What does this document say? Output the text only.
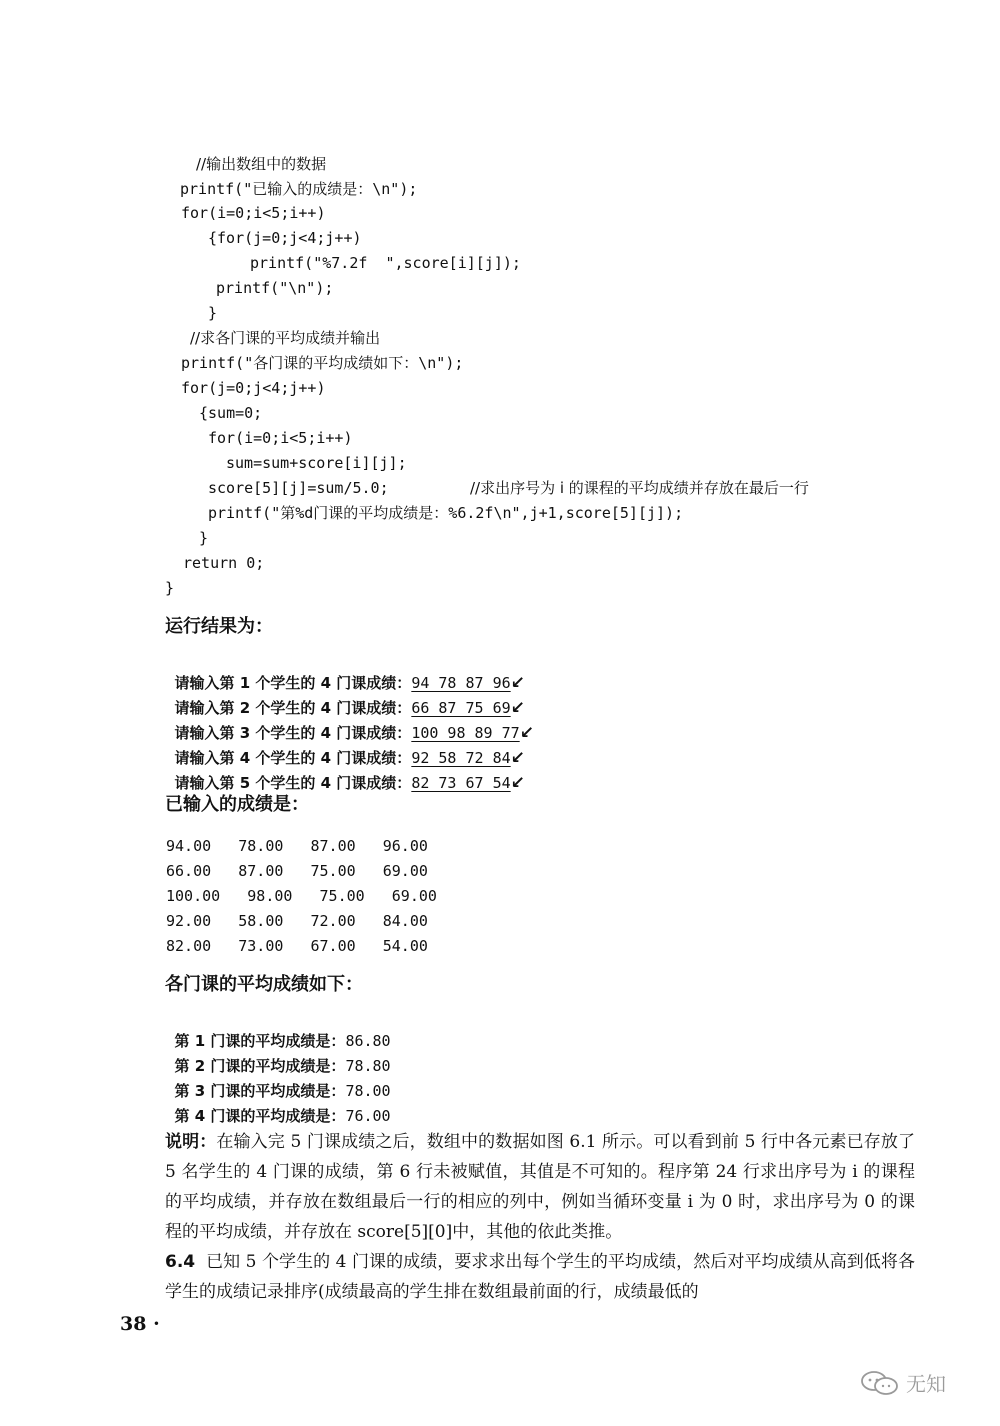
//输出数组中的数据
printf("已输入的成绩是：\n");
for(i=0;i<5;i++)
{for(j=0;j<4;j++)
printf("%7.2f  ",score[i][j]);
printf("\n");
}
//求各门课的平均成绩并输出
printf("各门课的平均成绩如下：\n");
for(j=0;j<4;j++)
{sum=0;
for(i=0;i<5;i++)
sum=sum+score[i][j];
score[5][j]=sum/5.0;	//求出序号为 i 的课程的平均成绩并存放在最后一行
printf("第%d门课的平均成绩是：%6.2f\n",j+1,score[5][j]);
}
return 0;
}
运行结果为：

请输入第 1 个学生的 4 门课成绩：94 78 87 96↙

请输入第 2 个学生的 4 门课成绩：66 87 75 69↙

请输入第 3 个学生的 4 门课成绩：100 98 89 77↙

请输入第 4 个学生的 4 门课成绩：92 58 72 84↙

请输入第 5 个学生的 4 门课成绩：82 73 67 54↙

已输入的成绩是：
94.00   78.00   87.00   96.00
66.00   87.00   75.00   69.00
100.00   98.00   75.00   69.00
92.00   58.00   72.00   84.00
82.00   73.00   67.00   54.00
各门课的平均成绩如下：

第 1 门课的平均成绩是：86.80

第 2 门课的平均成绩是：78.80

第 3 门课的平均成绩是：78.00

第 4 门课的平均成绩是：76.00

说明：在输入完 5 门课成绩之后，数组中的数据如图 6.1 所示。可以看到前 5 行中各元素已存放了 5 名学生的 4 门课的成绩，第 6 行未被赋值，其值是不可知的。程序第 24 行求出序号为 i 的课程的平均成绩，并存放在数组最后一行的相应的列中，例如当循环变量 i 为 0 时，求出序号为 0 的课程的平均成绩，并存放在 score[5][0]中，其他的依此类推。
6.4 已知 5 个学生的 4 门课的成绩，要求求出每个学生的平均成绩，然后对平均成绩从高到低将各学生的成绩记录排序(成绩最高的学生排在数组最前面的行，成绩最低的
38 ·
无知
